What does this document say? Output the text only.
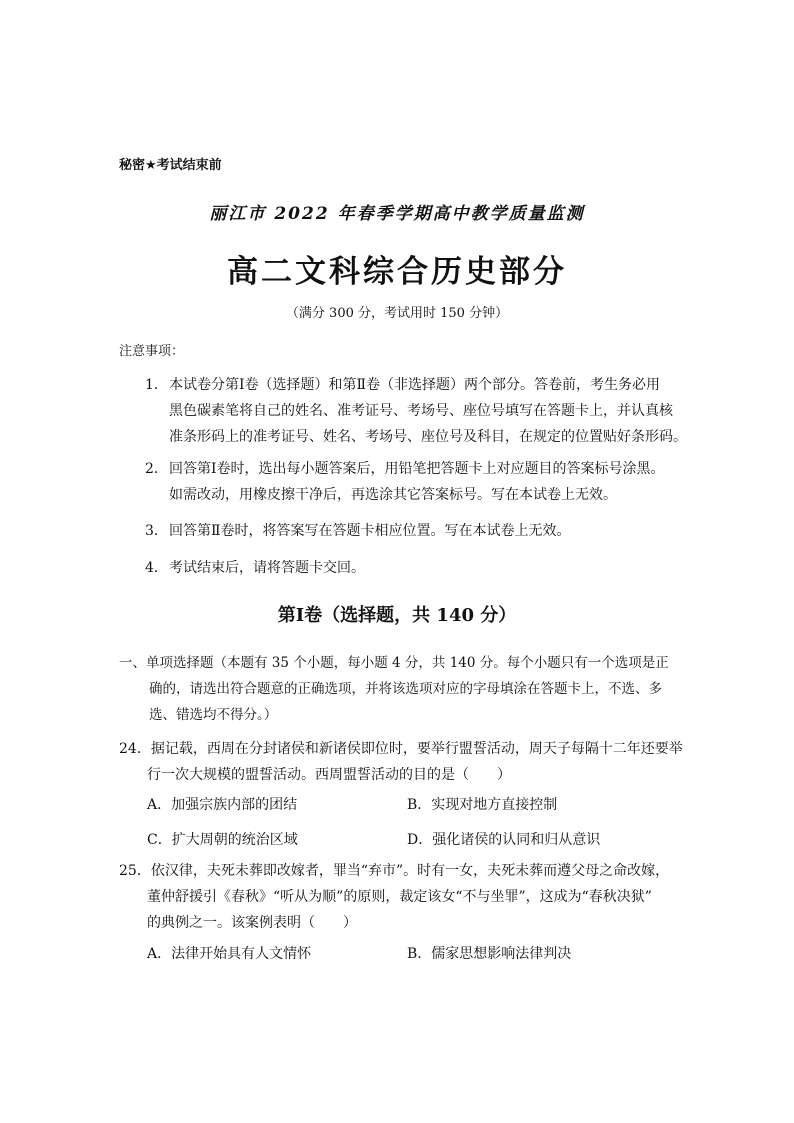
秘密★考试结束前
丽江市 2022 年春季学期高中教学质量监测
高二文科综合历史部分
（满分 300 分，考试用时 150 分钟）
注意事项：
1．本试卷分第Ⅰ卷（选择题）和第Ⅱ卷（非选择题）两个部分。答卷前，考生务必用
黑色碳素笔将自己的姓名、准考证号、考场号、座位号填写在答题卡上，并认真核
准条形码上的准考证号、姓名、考场号、座位号及科目，在规定的位置贴好条形码。
2．回答第Ⅰ卷时，选出每小题答案后，用铅笔把答题卡上对应题目的答案标号涂黑。
如需改动，用橡皮擦干净后，再选涂其它答案标号。写在本试卷上无效。
3．回答第Ⅱ卷时，将答案写在答题卡相应位置。写在本试卷上无效。
4．考试结束后，请将答题卡交回。
第Ⅰ卷（选择题，共 140 分）
一、单项选择题（本题有 35 个小题，每小题 4 分，共 140 分。每个小题只有一个选项是正
确的，请选出符合题意的正确选项，并将该选项对应的字母填涂在答题卡上，不选、多
选、错选均不得分。）
24．据记载，西周在分封诸侯和新诸侯即位时，要举行盟誓活动，周天子每隔十二年还要举
行一次大规模的盟誓活动。西周盟誓活动的目的是（　　）
A．加强宗族内部的团结	B．实现对地方直接控制
C．扩大周朝的统治区域	D．强化诸侯的认同和归从意识
25．依汉律，夫死未葬即改嫁者，罪当“弃市”。时有一女，夫死未葬而遵父母之命改嫁，
董仲舒援引《春秋》“听从为顺”的原则，裁定该女“不与坐罪”，这成为“春秋决狱”
的典例之一。该案例表明（　　）
A．法律开始具有人文情怀	B．儒家思想影响法律判决
